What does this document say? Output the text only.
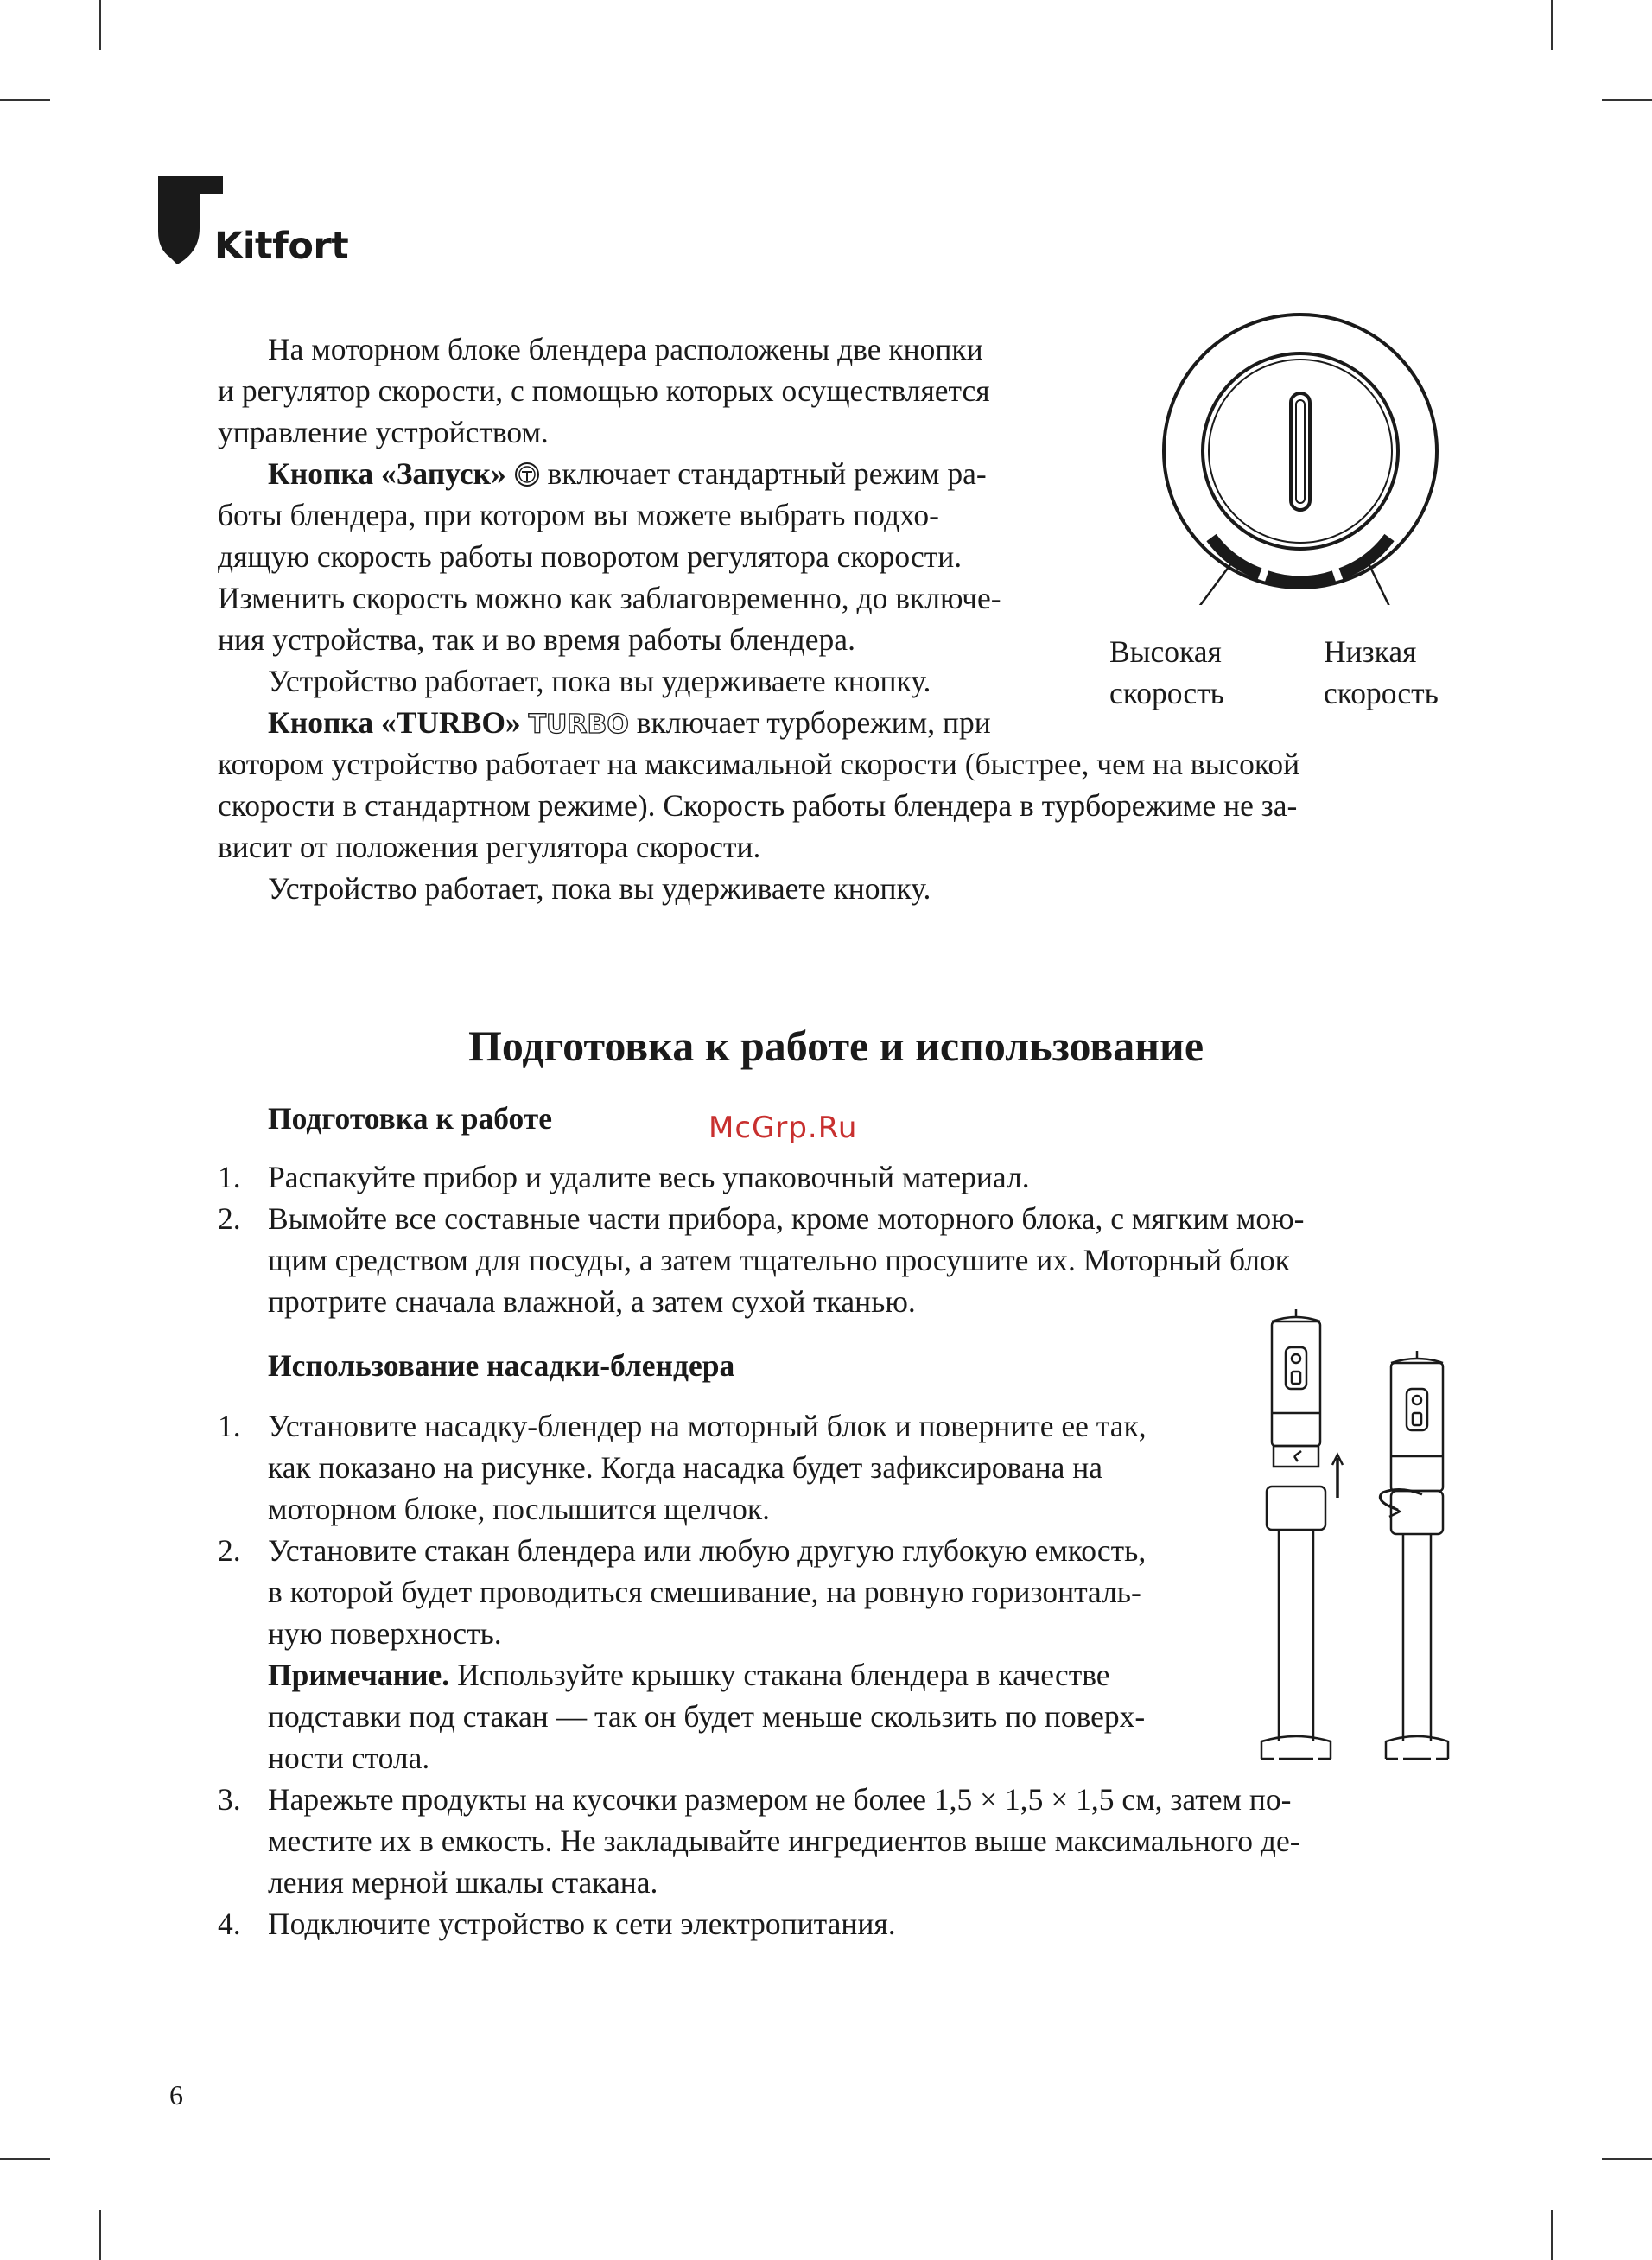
Kitfort
На моторном блоке блендера расположены две кнопки
и регулятор скорости, с помощью которых осуществляется
управление устройством.
Кнопка «Запуск» включает стандартный режим ра-
боты блендера, при котором вы можете выбрать подхо-
дящую скорость работы поворотом регулятора скорости.
Изменить скорость можно как заблаговременно, до включе-
ния устройства, так и во время работы блендера.
Устройство работает, пока вы удерживаете кнопку.
Кнопка «TURBO» TURBO включает турборежим, при
котором устройство работает на максимальной скорости (быстрее, чем на высокой
скорости в стандартном режиме). Скорость работы блендера в турборежиме не за-
висит от положения регулятора скорости.
Устройство работает, пока вы удерживаете кнопку.
Высокая
скорость
Низкая
скорость
Подготовка к работе и использование
Подготовка к работе	McGrp.Ru
1. Распакуйте прибор и удалите весь упаковочный материал.
2. Вымойте все составные части прибора, кроме моторного блока, с мягким мою-
щим средством для посуды, а затем тщательно просушите их. Моторный блок
протрите сначала влажной, а затем сухой тканью.
Использование насадки-блендера
1. Установите насадку-блендер на моторный блок и поверните ее так,
как показано на рисунке. Когда насадка будет зафиксирована на
моторном блоке, послышится щелчок.
2. Установите стакан блендера или любую другую глубокую емкость,
в которой будет проводиться смешивание, на ровную горизонталь-
ную поверхность.
Примечание. Используйте крышку стакана блендера в качестве
подставки под стакан — так он будет меньше скользить по поверх-
ности стола.
3. Нарежьте продукты на кусочки размером не более 1,5 × 1,5 × 1,5 см, затем по-
местите их в емкость. Не закладывайте ингредиентов выше максимального де-
ления мерной шкалы стакана.
4. Подключите устройство к сети электропитания.
6
